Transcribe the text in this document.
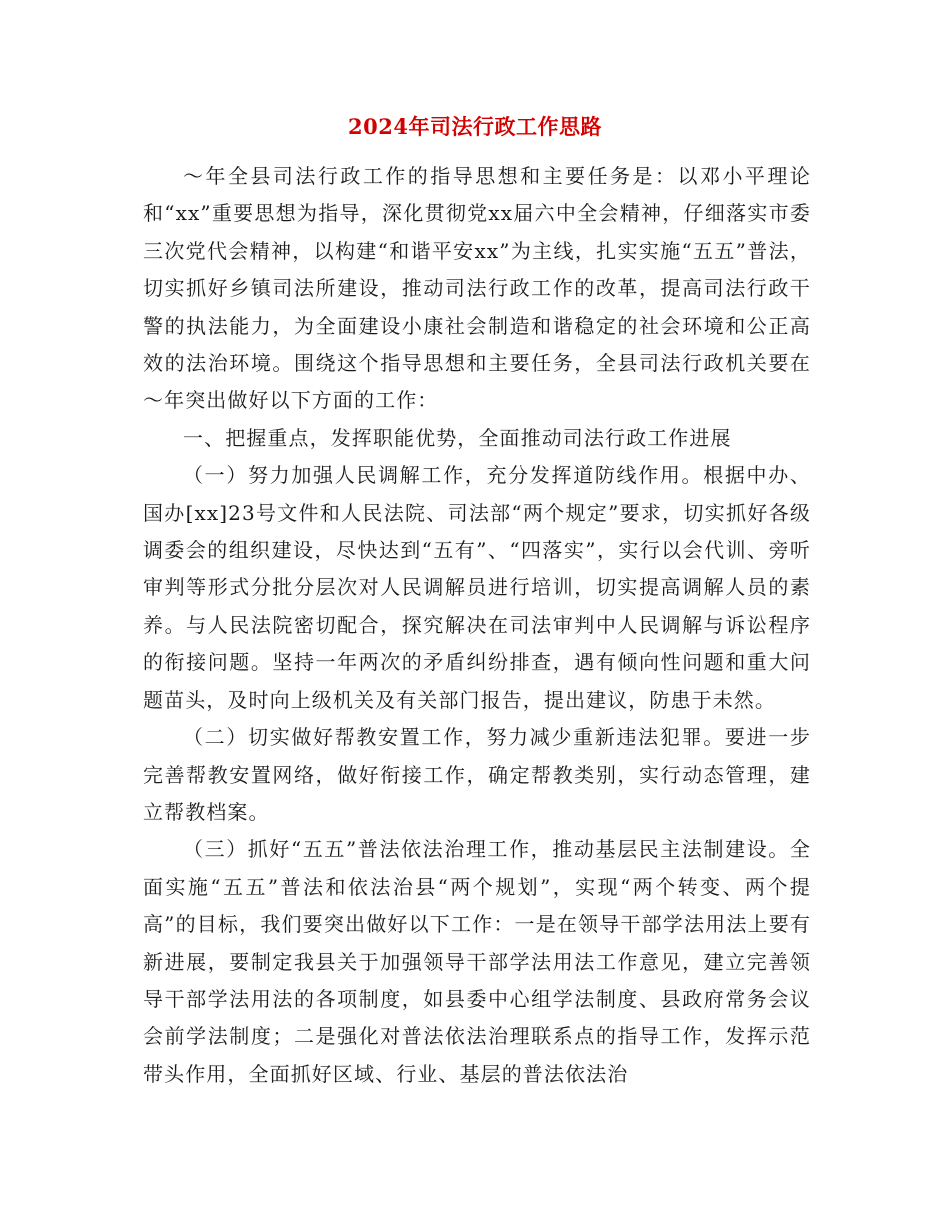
2024年司法行政工作思路

～年全县司法行政工作的指导思想和主要任务是：以邓小平理论和“xx”重要思想为指导，深化贯彻党xx届六中全会精神，仔细落实市委三次党代会精神，以构建“和谐平安xx”为主线，扎实实施“五五”普法，切实抓好乡镇司法所建设，推动司法行政工作的改革，提高司法行政干警的执法能力，为全面建设小康社会制造和谐稳定的社会环境和公正高效的法治环境。围绕这个指导思想和主要任务，全县司法行政机关要在～年突出做好以下方面的工作：

一、把握重点，发挥职能优势，全面推动司法行政工作进展

（一）努力加强人民调解工作，充分发挥道防线作用。根据中办、国办[xx]23号文件和人民法院、司法部“两个规定”要求，切实抓好各级调委会的组织建设，尽快达到“五有”、“四落实”，实行以会代训、旁听审判等形式分批分层次对人民调解员进行培训，切实提高调解人员的素养。与人民法院密切配合，探究解决在司法审判中人民调解与诉讼程序的衔接问题。坚持一年两次的矛盾纠纷排查，遇有倾向性问题和重大问题苗头，及时向上级机关及有关部门报告，提出建议，防患于未然。

（二）切实做好帮教安置工作，努力减少重新违法犯罪。要进一步完善帮教安置网络，做好衔接工作，确定帮教类别，实行动态管理，建立帮教档案。

（三）抓好“五五”普法依法治理工作，推动基层民主法制建设。全面实施“五五”普法和依法治县“两个规划”，实现“两个转变、两个提高”的目标，我们要突出做好以下工作：一是在领导干部学法用法上要有新进展，要制定我县关于加强领导干部学法用法工作意见，建立完善领导干部学法用法的各项制度，如县委中心组学法制度、县政府常务会议会前学法制度；二是强化对普法依法治理联系点的指导工作，发挥示范带头作用，全面抓好区域、行业、基层的普法依法治
